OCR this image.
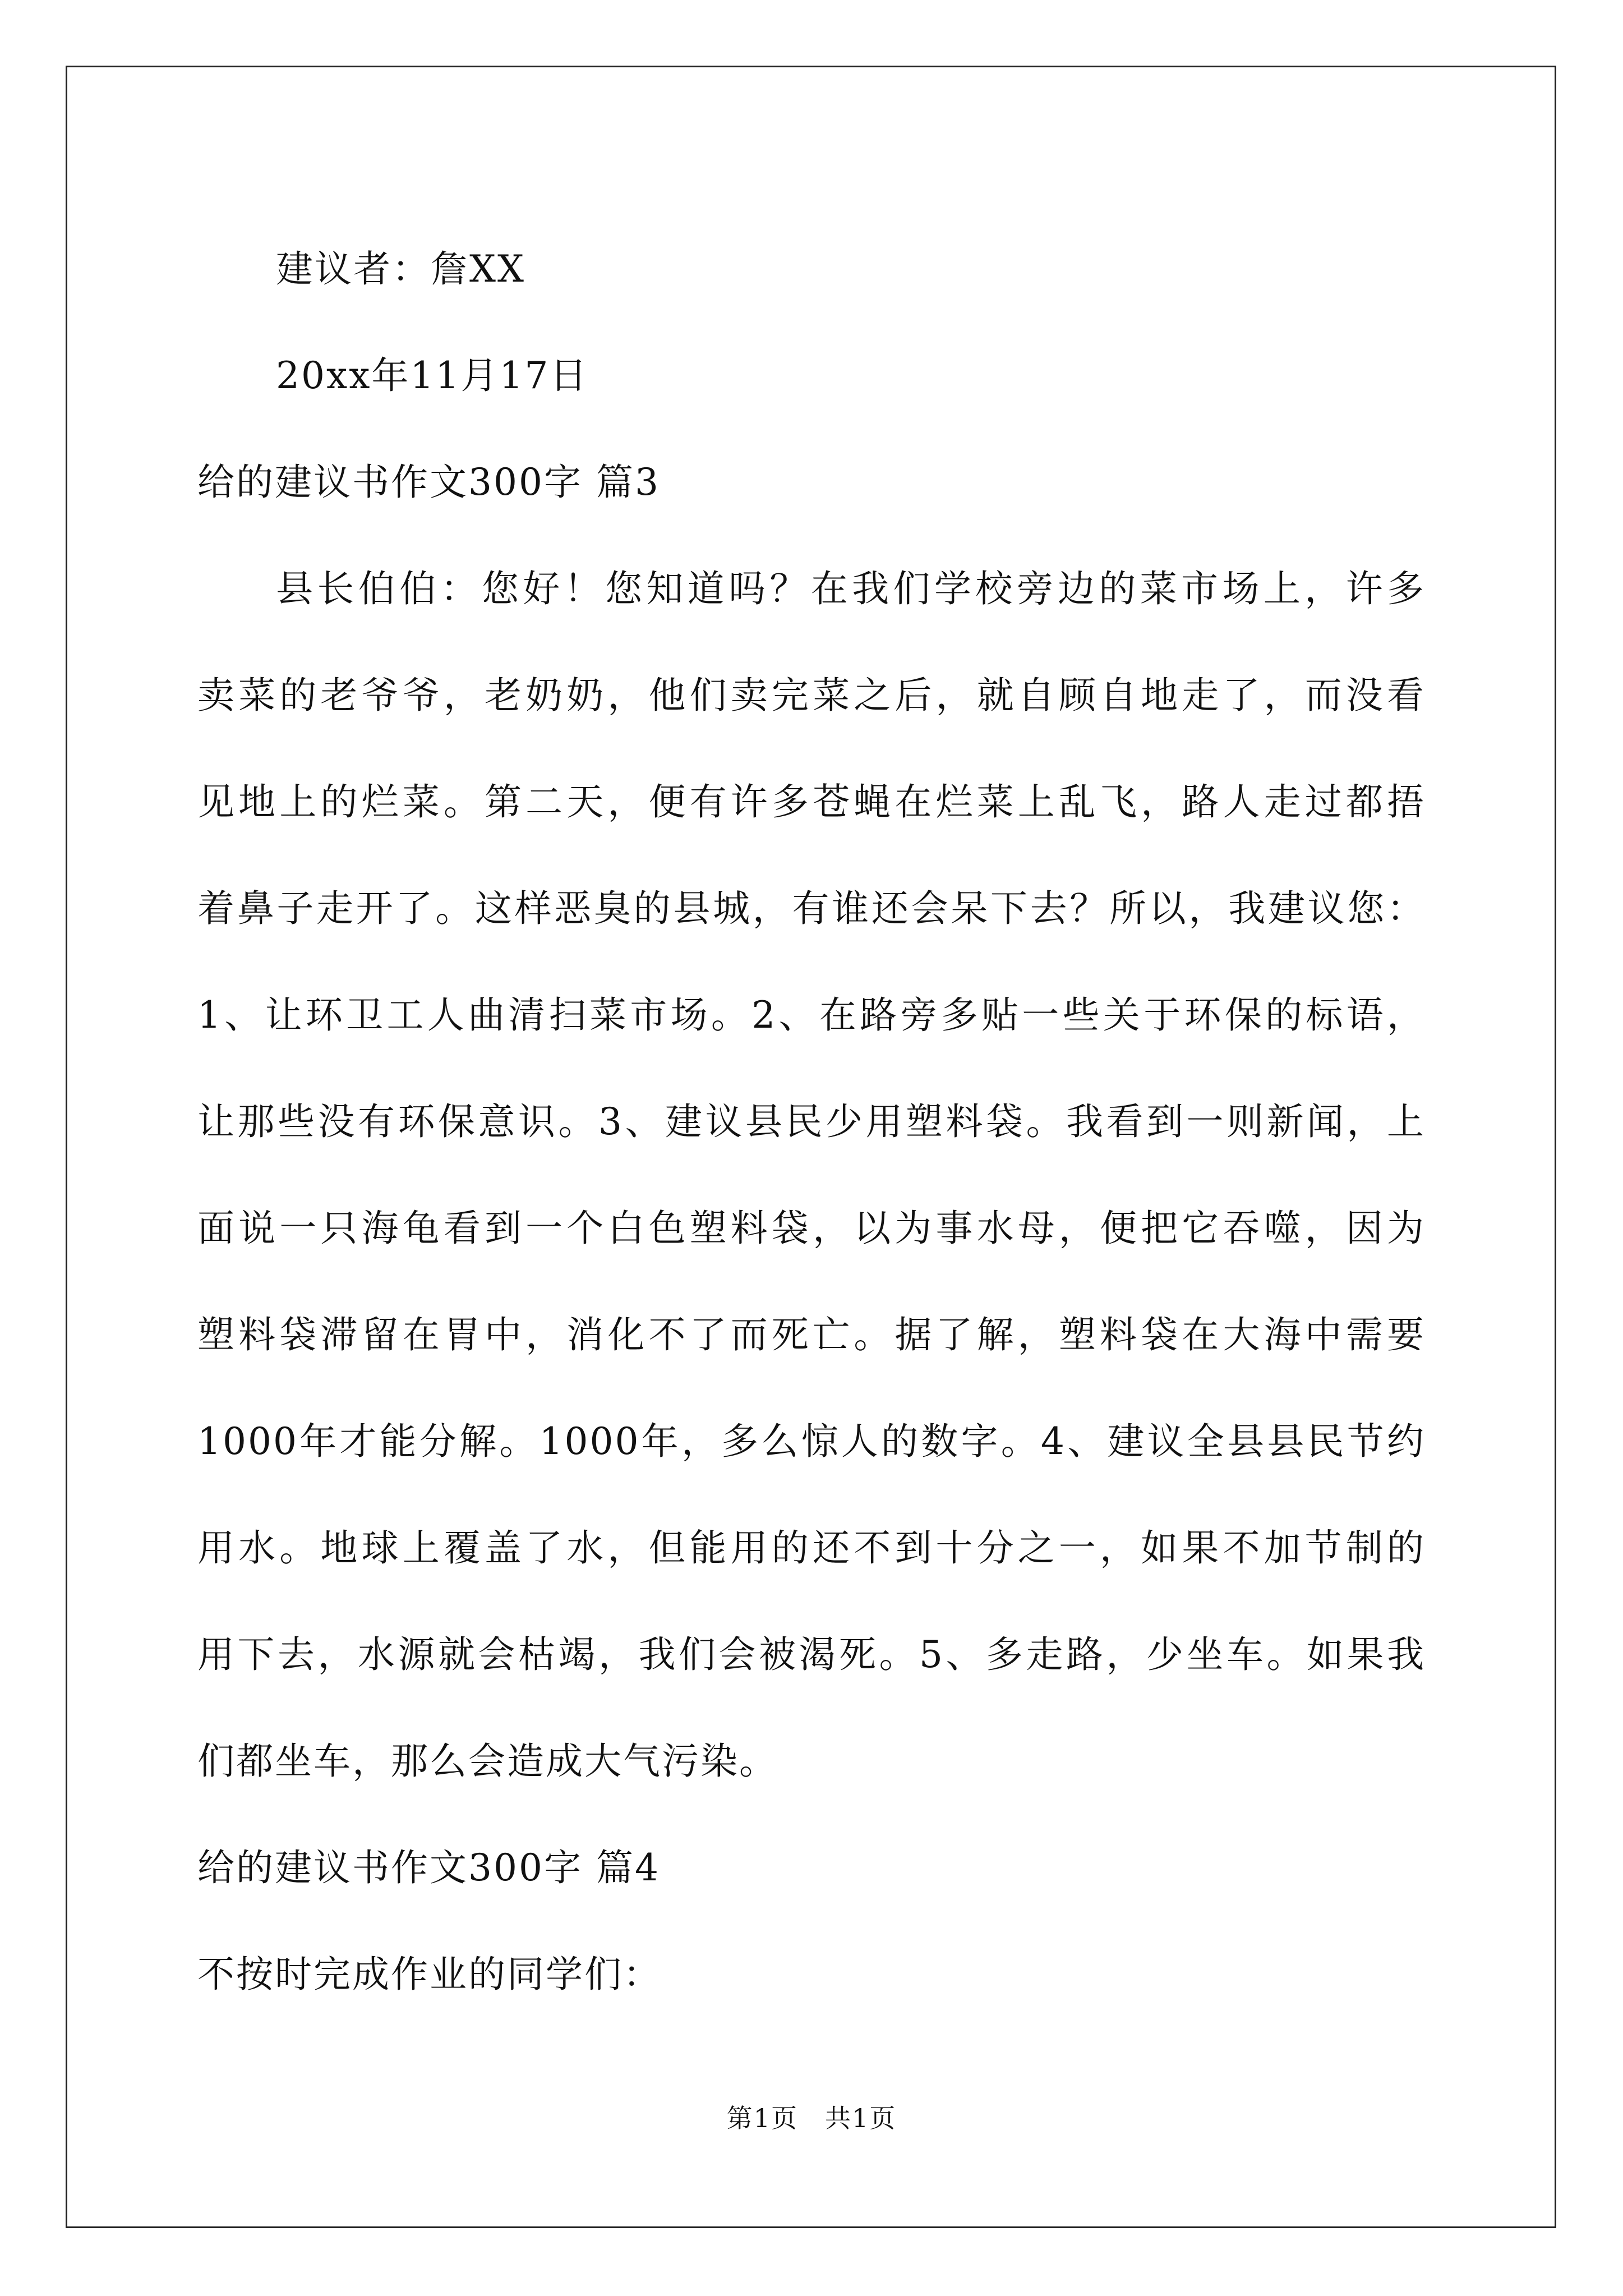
建议者：詹XX
20xx年11月17日
给的建议书作文300字 篇3
县长伯伯：您好！您知道吗？在我们学校旁边的菜市场上，许多
卖菜的老爷爷，老奶奶，他们卖完菜之后，就自顾自地走了，而没看
见地上的烂菜。第二天，便有许多苍蝇在烂菜上乱飞，路人走过都捂
着鼻子走开了。这样恶臭的县城，有谁还会呆下去？所以，我建议您：
1、让环卫工人曲清扫菜市场。2、在路旁多贴一些关于环保的标语，
让那些没有环保意识。3、建议县民少用塑料袋。我看到一则新闻，上
面说一只海龟看到一个白色塑料袋，以为事水母，便把它吞噬，因为
塑料袋滞留在胃中，消化不了而死亡。据了解，塑料袋在大海中需要
1000年才能分解。1000年，多么惊人的数字。4、建议全县县民节约
用水。地球上覆盖了水，但能用的还不到十分之一，如果不加节制的
用下去，水源就会枯竭，我们会被渴死。5、多走路，少坐车。如果我
们都坐车，那么会造成大气污染。
给的建议书作文300字 篇4
不按时完成作业的同学们：
第1页 共1页
